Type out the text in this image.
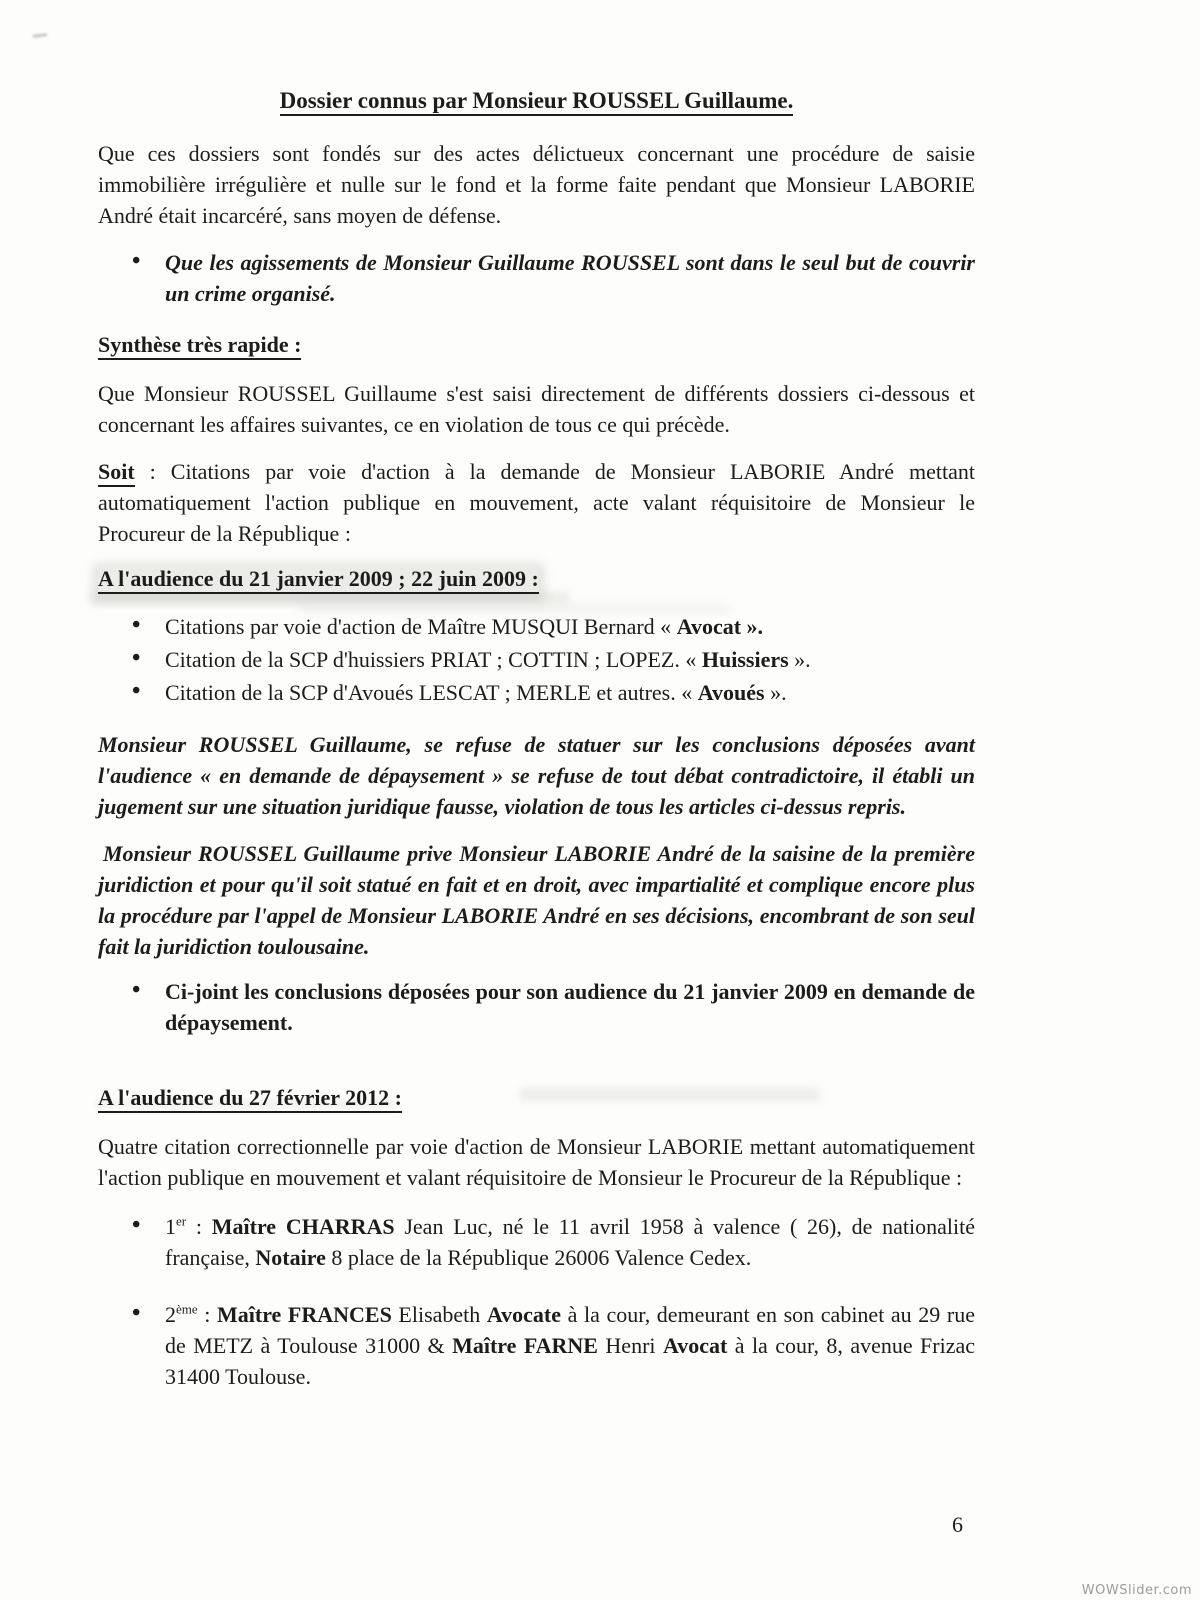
Dossier connus par Monsieur ROUSSEL Guillaume.

Que ces dossiers sont fondés sur des actes délictueux concernant une procédure de saisie immobilière irrégulière et nulle sur le fond et la forme faite pendant que Monsieur LABORIE André était incarcéré, sans moyen de défense.

• Que les agissements de Monsieur Guillaume ROUSSEL sont dans le seul but de couvrir un crime organisé.
Synthèse très rapide :

Que Monsieur ROUSSEL Guillaume s'est saisi directement de différents dossiers ci-dessous et concernant les affaires suivantes, ce en violation de tous ce qui précède.

Soit : Citations par voie d'action à la demande de Monsieur LABORIE André mettant automatiquement l'action publique en mouvement, acte valant réquisitoire de Monsieur le Procureur de la République :

A l'audience du 21 janvier 2009 ; 22 juin 2009 :
• Citations par voie d'action de Maître MUSQUI Bernard « Avocat ».
• Citation de la SCP d'huissiers PRIAT ; COTTIN ; LOPEZ. « Huissiers ».
• Citation de la SCP d'Avoués LESCAT ; MERLE et autres. « Avoués ».

Monsieur ROUSSEL Guillaume, se refuse de statuer sur les conclusions déposées avant l'audience « en demande de dépaysement » se refuse de tout débat contradictoire, il établi un jugement sur une situation juridique fausse, violation de tous les articles ci-dessus repris.

Monsieur ROUSSEL Guillaume prive Monsieur LABORIE André de la saisine de la première juridiction et pour qu'il soit statué en fait et en droit, avec impartialité et complique encore plus la procédure par l'appel de Monsieur LABORIE André en ses décisions, encombrant de son seul fait la juridiction toulousaine.

• Ci-joint les conclusions déposées pour son audience du 21 janvier 2009 en demande de dépaysement.
A l'audience du 27 février 2012 :

Quatre citation correctionnelle par voie d'action de Monsieur LABORIE mettant automatiquement l'action publique en mouvement et valant réquisitoire de Monsieur le Procureur de la République :

• 1er : Maître CHARRAS Jean Luc, né le 11 avril 1958 à valence ( 26), de nationalité française, Notaire 8 place de la République 26006 Valence Cedex.
• 2ème : Maître FRANCES Elisabeth Avocate à la cour, demeurant en son cabinet au 29 rue de METZ à Toulouse 31000 & Maître FARNE Henri Avocat à la cour, 8, avenue Frizac 31400 Toulouse.
6
WOWSlider.com
